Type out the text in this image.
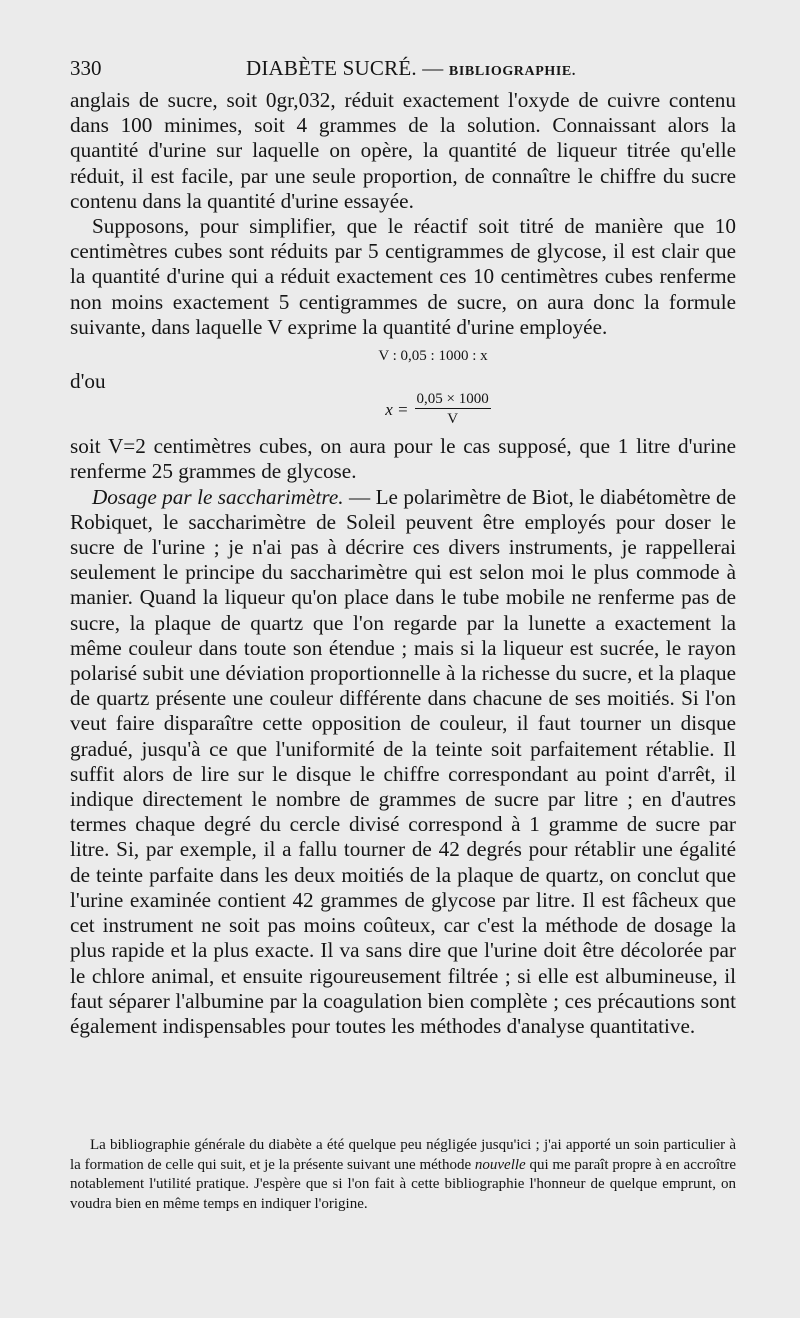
330	DIABÈTE SUCRÉ. — BIBLIOGRAPHIE.

anglais de sucre, soit 0gr,032, réduit exactement l'oxyde de cuivre contenu dans 100 minimes, soit 4 grammes de la solution. Connaissant alors la quantité d'urine sur laquelle on opère, la quantité de liqueur titrée qu'elle réduit, il est facile, par une seule proportion, de connaître le chiffre du sucre contenu dans la quantité d'urine essayée.

Supposons, pour simplifier, que le réactif soit titré de manière que 10 centimètres cubes sont réduits par 5 centigrammes de glycose, il est clair que la quantité d'urine qui a réduit exactement ces 10 centimètres cubes renferme non moins exactement 5 centigrammes de sucre, on aura donc la formule suivante, dans laquelle V exprime la quantité d'urine employée.

V : 0,05 : 1000 : x

d'ou

$x = \frac{0,05 \times 1000}{V}$

soit V=2 centimètres cubes, on aura pour le cas supposé, que 1 litre d'urine renferme 25 grammes de glycose.

Dosage par le saccharimètre. — Le polarimètre de Biot, le diabétomètre de Robiquet, le saccharimètre de Soleil peuvent être employés pour doser le sucre de l'urine ; je n'ai pas à décrire ces divers instruments, je rappellerai seulement le principe du saccharimètre qui est selon moi le plus commode à manier. Quand la liqueur qu'on place dans le tube mobile ne renferme pas de sucre, la plaque de quartz que l'on regarde par la lunette a exactement la même couleur dans toute son étendue ; mais si la liqueur est sucrée, le rayon polarisé subit une déviation proportionnelle à la richesse du sucre, et la plaque de quartz présente une couleur différente dans chacune de ses moitiés. Si l'on veut faire disparaître cette opposition de couleur, il faut tourner un disque gradué, jusqu'à ce que l'uniformité de la teinte soit parfaitement rétablie. Il suffit alors de lire sur le disque le chiffre correspondant au point d'arrêt, il indique directement le nombre de grammes de sucre par litre ; en d'autres termes chaque degré du cercle divisé correspond à 1 gramme de sucre par litre. Si, par exemple, il a fallu tourner de 42 degrés pour rétablir une égalité de teinte parfaite dans les deux moitiés de la plaque de quartz, on conclut que l'urine examinée contient 42 grammes de glycose par litre. Il est fâcheux que cet instrument ne soit pas moins coûteux, car c'est la méthode de dosage la plus rapide et la plus exacte. Il va sans dire que l'urine doit être décolorée par le chlore animal, et ensuite rigoureusement filtrée ; si elle est albumineuse, il faut séparer l'albumine par la coagulation bien complète ; ces précautions sont également indispensables pour toutes les méthodes d'analyse quantitative.

La bibliographie générale du diabète a été quelque peu négligée jusqu'ici ; j'ai apporté un soin particulier à la formation de celle qui suit, et je la présente suivant une méthode nouvelle qui me paraît propre à en accroître notablement l'utilité pratique. J'espère que si l'on fait à cette bibliographie l'honneur de quelque emprunt, on voudra bien en même temps en indiquer l'origine.
